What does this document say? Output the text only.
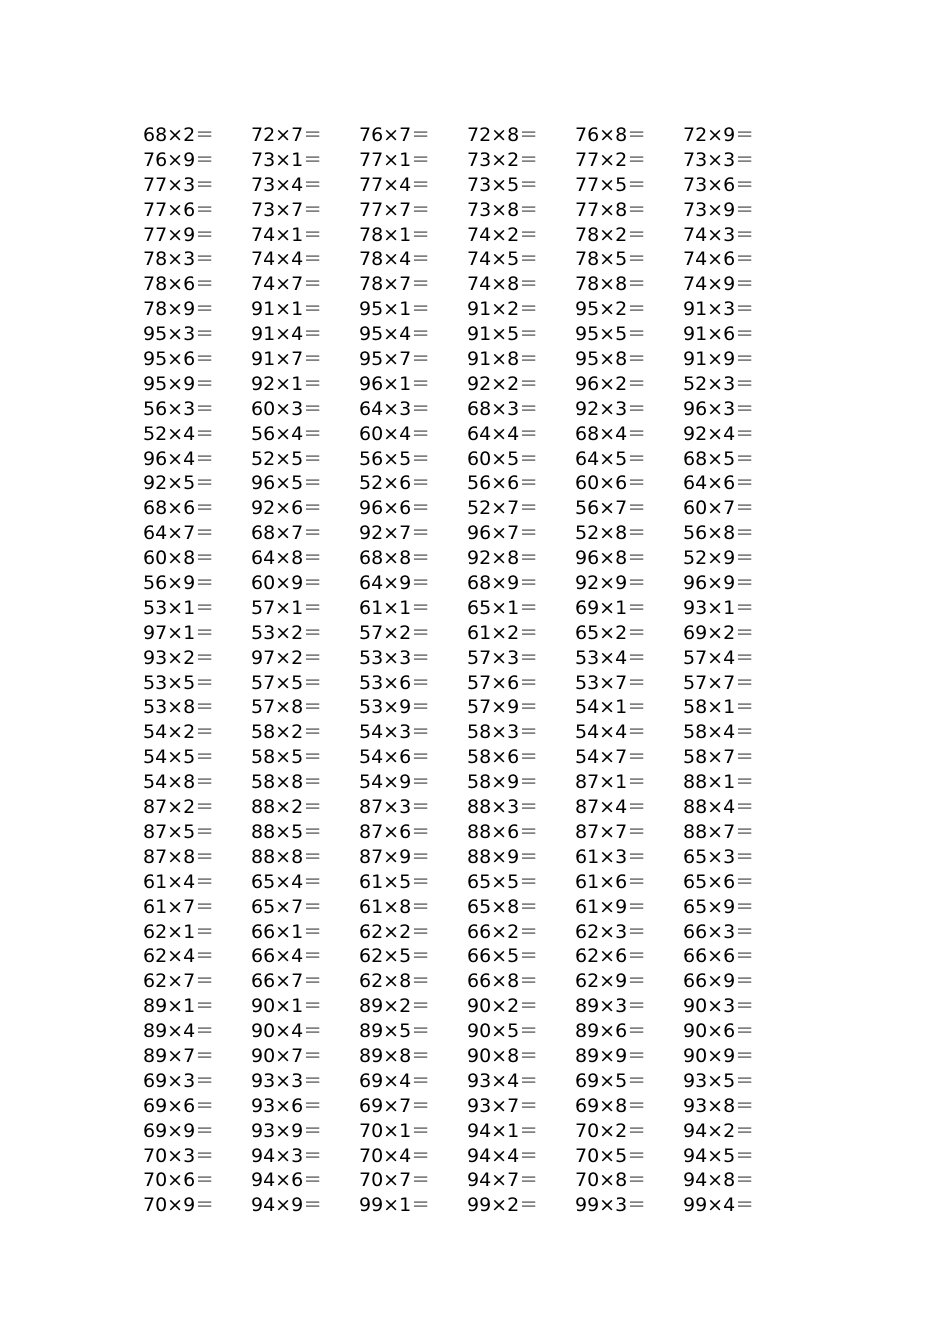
68×2＝	72×7＝	76×7＝	72×8＝	76×8＝	72×9＝
76×9＝	73×1＝	77×1＝	73×2＝	77×2＝	73×3＝
77×3＝	73×4＝	77×4＝	73×5＝	77×5＝	73×6＝
77×6＝	73×7＝	77×7＝	73×8＝	77×8＝	73×9＝
77×9＝	74×1＝	78×1＝	74×2＝	78×2＝	74×3＝
78×3＝	74×4＝	78×4＝	74×5＝	78×5＝	74×6＝
78×6＝	74×7＝	78×7＝	74×8＝	78×8＝	74×9＝
78×9＝	91×1＝	95×1＝	91×2＝	95×2＝	91×3＝
95×3＝	91×4＝	95×4＝	91×5＝	95×5＝	91×6＝
95×6＝	91×7＝	95×7＝	91×8＝	95×8＝	91×9＝
95×9＝	92×1＝	96×1＝	92×2＝	96×2＝	52×3＝
56×3＝	60×3＝	64×3＝	68×3＝	92×3＝	96×3＝
52×4＝	56×4＝	60×4＝	64×4＝	68×4＝	92×4＝
96×4＝	52×5＝	56×5＝	60×5＝	64×5＝	68×5＝
92×5＝	96×5＝	52×6＝	56×6＝	60×6＝	64×6＝
68×6＝	92×6＝	96×6＝	52×7＝	56×7＝	60×7＝
64×7＝	68×7＝	92×7＝	96×7＝	52×8＝	56×8＝
60×8＝	64×8＝	68×8＝	92×8＝	96×8＝	52×9＝
56×9＝	60×9＝	64×9＝	68×9＝	92×9＝	96×9＝
53×1＝	57×1＝	61×1＝	65×1＝	69×1＝	93×1＝
97×1＝	53×2＝	57×2＝	61×2＝	65×2＝	69×2＝
93×2＝	97×2＝	53×3＝	57×3＝	53×4＝	57×4＝
53×5＝	57×5＝	53×6＝	57×6＝	53×7＝	57×7＝
53×8＝	57×8＝	53×9＝	57×9＝	54×1＝	58×1＝
54×2＝	58×2＝	54×3＝	58×3＝	54×4＝	58×4＝
54×5＝	58×5＝	54×6＝	58×6＝	54×7＝	58×7＝
54×8＝	58×8＝	54×9＝	58×9＝	87×1＝	88×1＝
87×2＝	88×2＝	87×3＝	88×3＝	87×4＝	88×4＝
87×5＝	88×5＝	87×6＝	88×6＝	87×7＝	88×7＝
87×8＝	88×8＝	87×9＝	88×9＝	61×3＝	65×3＝
61×4＝	65×4＝	61×5＝	65×5＝	61×6＝	65×6＝
61×7＝	65×7＝	61×8＝	65×8＝	61×9＝	65×9＝
62×1＝	66×1＝	62×2＝	66×2＝	62×3＝	66×3＝
62×4＝	66×4＝	62×5＝	66×5＝	62×6＝	66×6＝
62×7＝	66×7＝	62×8＝	66×8＝	62×9＝	66×9＝
89×1＝	90×1＝	89×2＝	90×2＝	89×3＝	90×3＝
89×4＝	90×4＝	89×5＝	90×5＝	89×6＝	90×6＝
89×7＝	90×7＝	89×8＝	90×8＝	89×9＝	90×9＝
69×3＝	93×3＝	69×4＝	93×4＝	69×5＝	93×5＝
69×6＝	93×6＝	69×7＝	93×7＝	69×8＝	93×8＝
69×9＝	93×9＝	70×1＝	94×1＝	70×2＝	94×2＝
70×3＝	94×3＝	70×4＝	94×4＝	70×5＝	94×5＝
70×6＝	94×6＝	70×7＝	94×7＝	70×8＝	94×8＝
70×9＝	94×9＝	99×1＝	99×2＝	99×3＝	99×4＝
